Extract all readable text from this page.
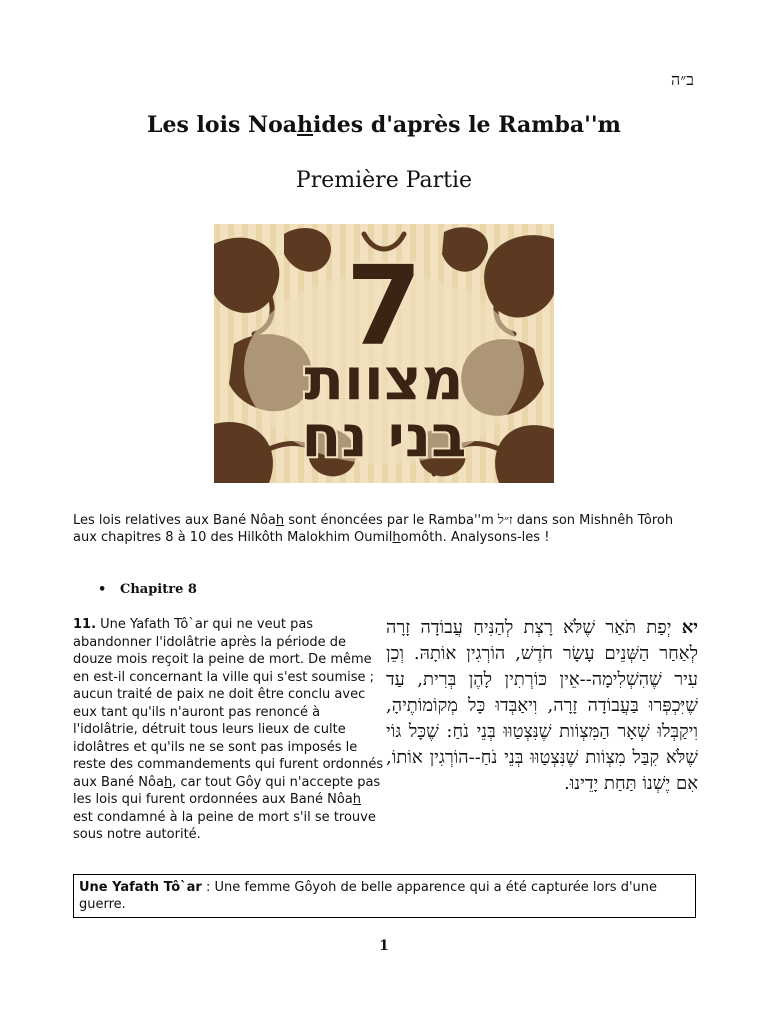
ב״ה
Les lois Noahides d'après le Ramba''m
Première Partie
7
מצוות
בני נח
Les lois relatives aux Bané Nôah sont énoncées par le Ramba''m ז״ל dans son Mishnêh Tôroh aux chapitres 8 à 10 des Hilkôth Malokhim Oumilhomôth. Analysons-les !
• Chapitre 8
11. Une Yafath Tô`ar qui ne veut pas abandonner l'idolâtrie après la période de douze mois reçoit la peine de mort. De même en est-il concernant la ville qui s'est soumise ; aucun traité de paix ne doit être conclu avec eux tant qu'ils n'auront pas renoncé à l'idolâtrie, détruit tous leurs lieux de culte idolâtres et qu'ils ne se sont pas imposés le reste des commandements qui furent ordonnés aux Bané Nôah, car tout Gôy qui n'accepte pas les lois qui furent ordonnées aux Bané Nôah est condamné à la peine de mort s'il se trouve sous notre autorité.
יא יְפַת תֹּאַר שֶׁלֹּא רָצְת לְהַנִּיחַ עֲבוֹדָה זָרָה לְאַחַר הַשְּׁנֵים עָשָׂר חֹדֶשׁ, הוֹרְגִין אוֹתָהּ. וְכֵן עִיר שֶׁהִשְׁלִימָה--אֵין כּוֹרְתִין לָהֶן בְּרִית, עַד שֶׁיִּכְפְּרוּ בַּעֲבוֹדָה זָרָה, וִיאַבְּדוּ כָּל מְקוֹמוֹתֶיהָ, וִיקַבְּלוּ שְׁאָר הַמִּצְוֹות שֶׁנִּצְטַוּוּ בְּנֵי נֹחַ: שֶׁכָּל גּוֹי שֶׁלֹּא קִבַּל מִצְוֹות שֶׁנִּצְטַוּוּ בְּנֵי נֹחַ--הוֹרְגִין אוֹתוֹ, אִם יֶשְׁנוֹ תַּחַת יָדֵינוּ.
Une Yafath Tô`ar : Une femme Gôyoh de belle apparence qui a été capturée lors d'une guerre.
1
